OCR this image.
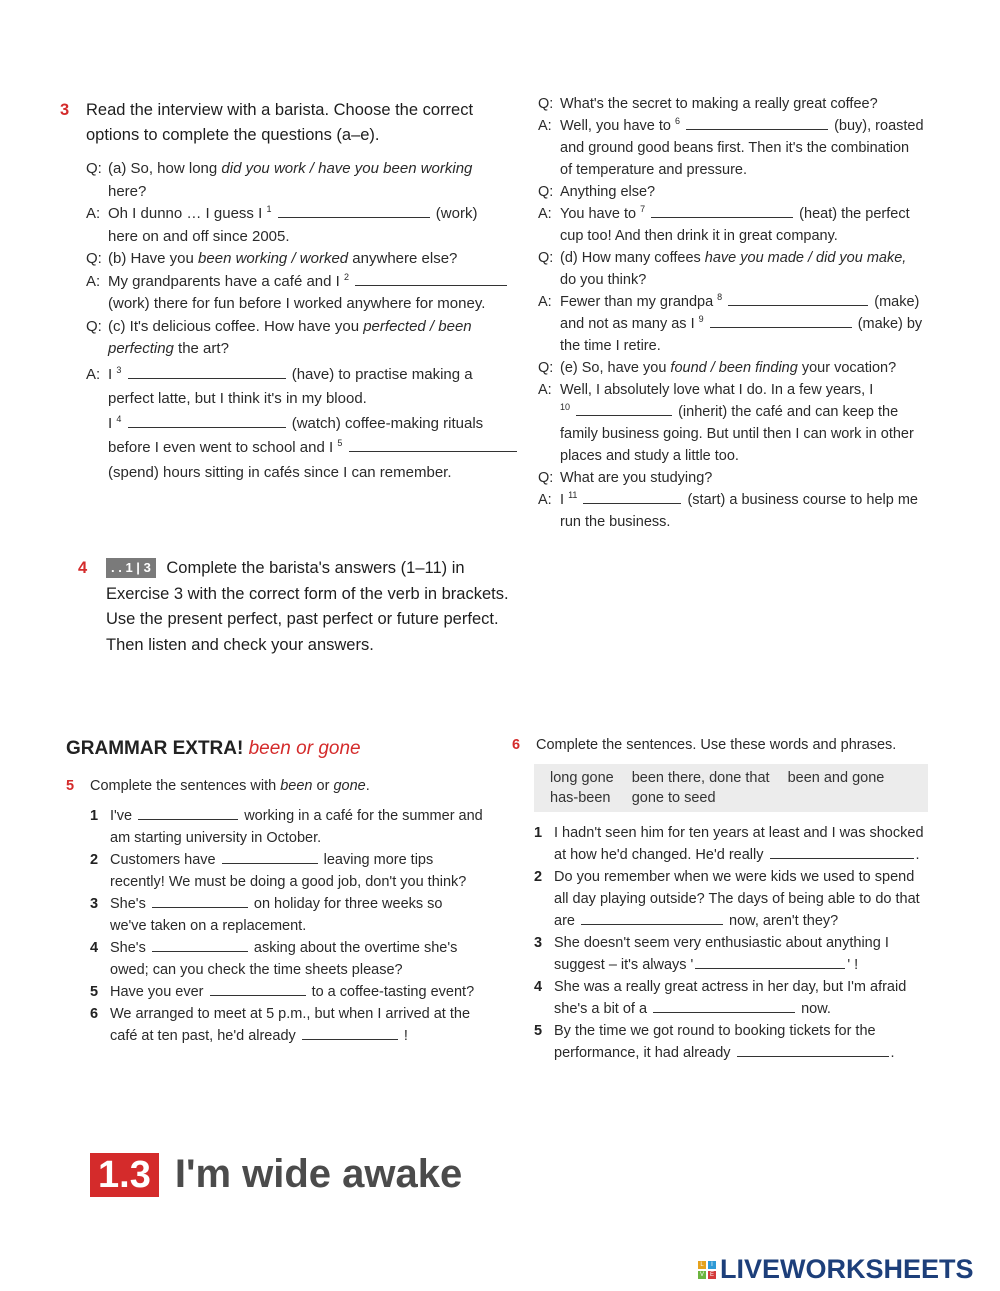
3	Read the interview with a barista. Choose the correct
options to complete the questions (a–e).
Q: (a) So, how long did you work / have you been working
here?
A: Oh I dunno … I guess I $^1$	(work)
here on and off since 2005.
Q: (b) Have you been working / worked anywhere else?
A: My grandparents have a café and I $^2$
(work) there for fun before I worked anywhere for money.
Q: (c) It's delicious coffee. How have you perfected / been
perfecting the art?
A: I $^3$	(have) to practise making a
perfect latte, but I think it's in my blood.
I $^4$	(watch) coffee-making rituals
before I even went to school and I $^5$
(spend) hours sitting in cafés since I can remember.
Q: What's the secret to making a really great coffee?
A: Well, you have to $^6$	(buy), roasted
and ground good beans first. Then it's the combination
of temperature and pressure.
Q: Anything else?
A: You have to $^7$	(heat) the perfect
cup too! And then drink it in great company.
Q: (d) How many coffees have you made / did you make,
do you think?
A: Fewer than my grandpa $^8$	(make)
and not as many as I $^9$	(make) by
the time I retire.
Q: (e) So, have you found / been finding your vocation?
A: Well, I absolutely love what I do. In a few years, I
$^{10}$	(inherit) the café and can keep the
family business going. But until then I can work in other
places and study a little too.
Q: What are you studying?
A: I $^{11}$	(start) a business course to help me
run the business.
4	. . 1 | 3 Complete the barista's answers (1–11) in
Exercise 3 with the correct form of the verb in brackets.
Use the present perfect, past perfect or future perfect.
Then listen and check your answers.
GRAMMAR EXTRA! been or gone
5	Complete the sentences with been or gone.
1 I've	working in a café for the summer and
am starting university in October.
2 Customers have	leaving more tips
recently! We must be doing a good job, don't you think?
3 She's	on holiday for three weeks so
we've taken on a replacement.
4 She's	asking about the overtime she's
owed; can you check the time sheets please?
5 Have you ever	to a coffee-tasting event?
6 We arranged to meet at 5 p.m., but when I arrived at the
café at ten past, he'd already	!
6	Complete the sentences. Use these words and phrases.
long gone	been there, done that	been and gone
has-been	gone to seed	
1 I hadn't seen him for ten years at least and I was shocked
at how he'd changed. He'd really	.
2 Do you remember when we were kids we used to spend
all day playing outside? The days of being able to do that
are	now, aren't they?
3 She doesn't seem very enthusiastic about anything I
suggest – it's always '	' !
4 She was a really great actress in her day, but I'm afraid
she's a bit of a	now.
5 By the time we got round to booking tickets for the
performance, it had already	.
1.3 I'm wide awake
L	I
V E LIVEWORKSHEETS
